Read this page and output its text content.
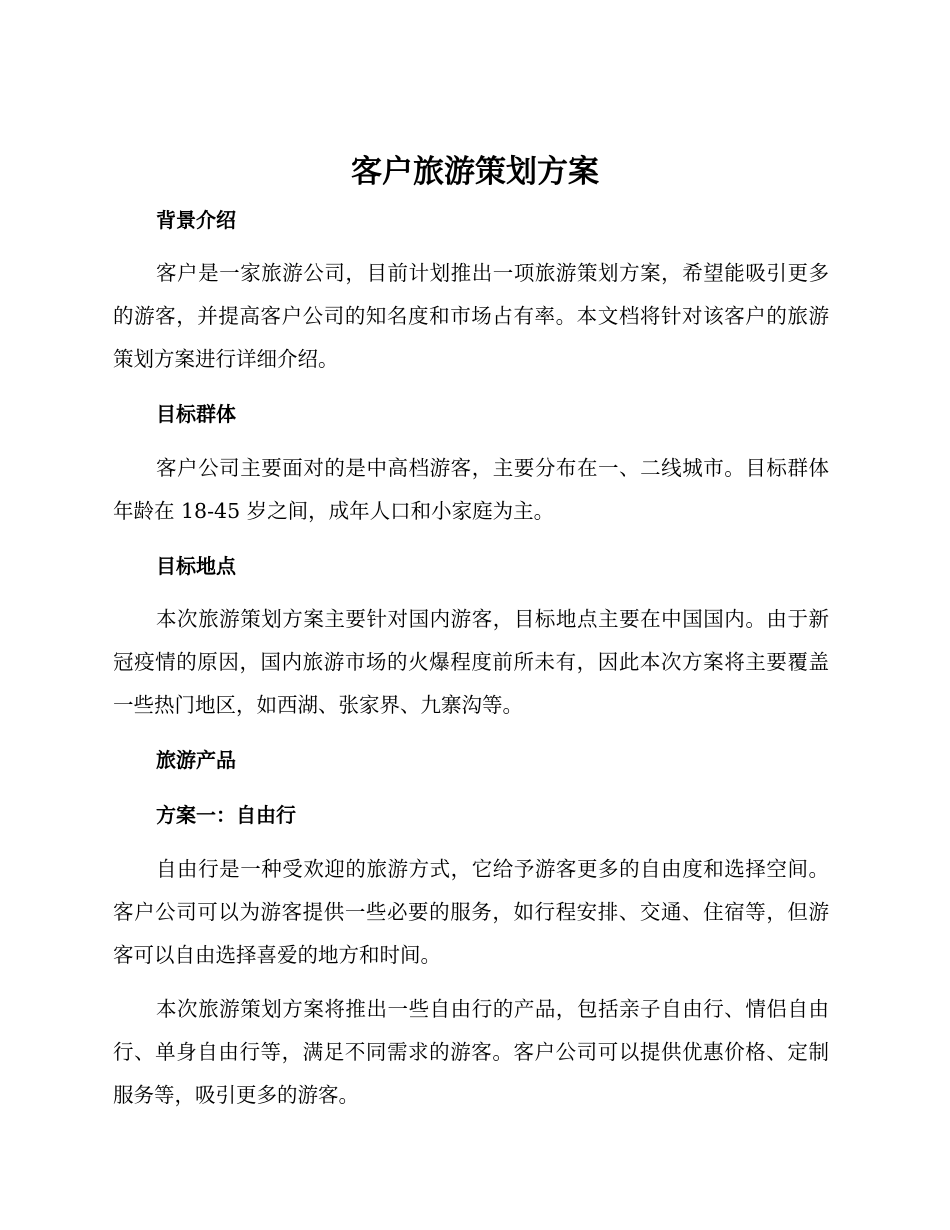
客户旅游策划方案
背景介绍

客户是一家旅游公司，目前计划推出一项旅游策划方案，希望能吸引更多的游客，并提高客户公司的知名度和市场占有率。本文档将针对该客户的旅游策划方案进行详细介绍。

目标群体

客户公司主要面对的是中高档游客，主要分布在一、二线城市。目标群体年龄在 18-45 岁之间，成年人口和小家庭为主。

目标地点

本次旅游策划方案主要针对国内游客，目标地点主要在中国国内。由于新冠疫情的原因，国内旅游市场的火爆程度前所未有，因此本次方案将主要覆盖一些热门地区，如西湖、张家界、九寨沟等。

旅游产品
方案一：自由行

自由行是一种受欢迎的旅游方式，它给予游客更多的自由度和选择空间。客户公司可以为游客提供一些必要的服务，如行程安排、交通、住宿等，但游客可以自由选择喜爱的地方和时间。

本次旅游策划方案将推出一些自由行的产品，包括亲子自由行、情侣自由行、单身自由行等，满足不同需求的游客。客户公司可以提供优惠价格、定制服务等，吸引更多的游客。
